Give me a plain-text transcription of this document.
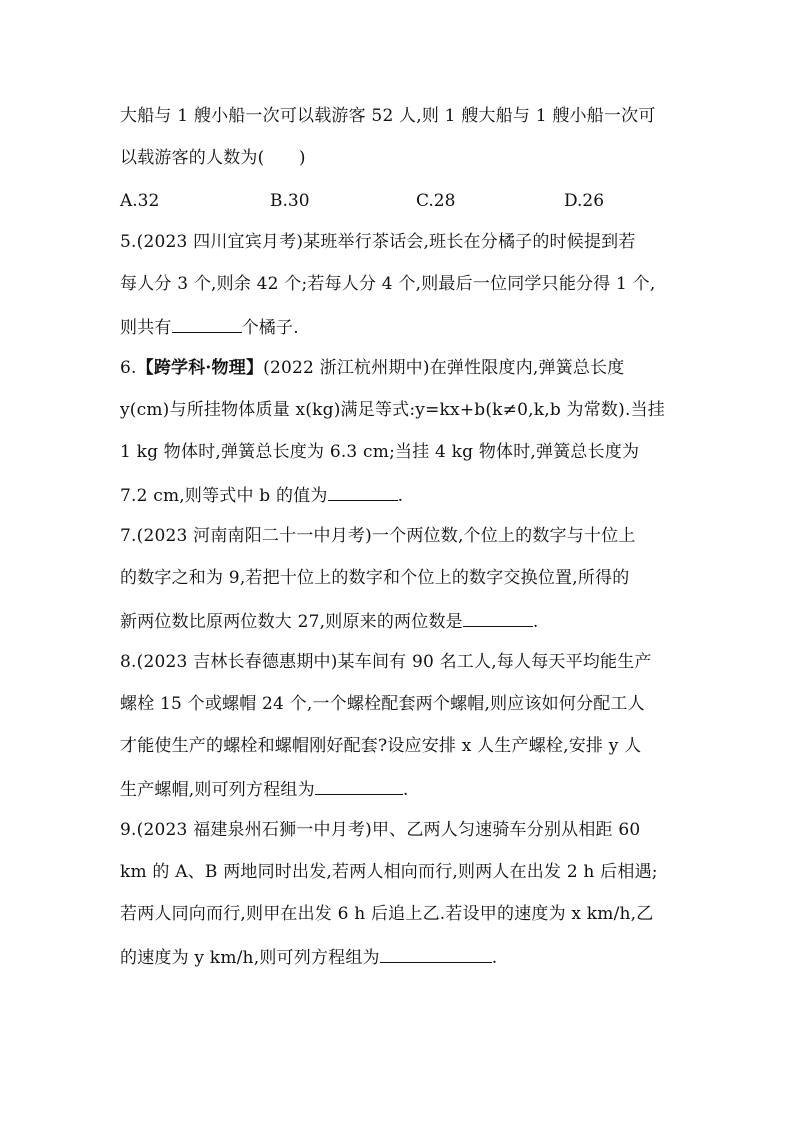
大船与 1 艘小船一次可以载游客 52 人,则 1 艘大船与 1 艘小船一次可
以载游客的人数为(　　)
A.32	B.30	C.28	D.26
5.(2023 四川宜宾月考)某班举行茶话会,班长在分橘子的时候提到若
每人分 3 个,则余 42 个;若每人分 4 个,则最后一位同学只能分得 1 个,
则共有	个橘子.
6.【跨学科·物理】(2022 浙江杭州期中)在弹性限度内,弹簧总长度
y(cm)与所挂物体质量 x(kg)满足等式:y=kx+b(k≠0,k,b 为常数).当挂
1 kg 物体时,弹簧总长度为 6.3 cm;当挂 4 kg 物体时,弹簧总长度为
7.2 cm,则等式中 b 的值为	.
7.(2023 河南南阳二十一中月考)一个两位数,个位上的数字与十位上
的数字之和为 9,若把十位上的数字和个位上的数字交换位置,所得的
新两位数比原两位数大 27,则原来的两位数是	.
8.(2023 吉林长春德惠期中)某车间有 90 名工人,每人每天平均能生产
螺栓 15 个或螺帽 24 个,一个螺栓配套两个螺帽,则应该如何分配工人
才能使生产的螺栓和螺帽刚好配套?设应安排 x 人生产螺栓,安排 y 人
生产螺帽,则可列方程组为	.
9.(2023 福建泉州石狮一中月考)甲、乙两人匀速骑车分别从相距 60
km 的 A、B 两地同时出发,若两人相向而行,则两人在出发 2 h 后相遇;
若两人同向而行,则甲在出发 6 h 后追上乙.若设甲的速度为 x km/h,乙
的速度为 y km/h,则可列方程组为	.
